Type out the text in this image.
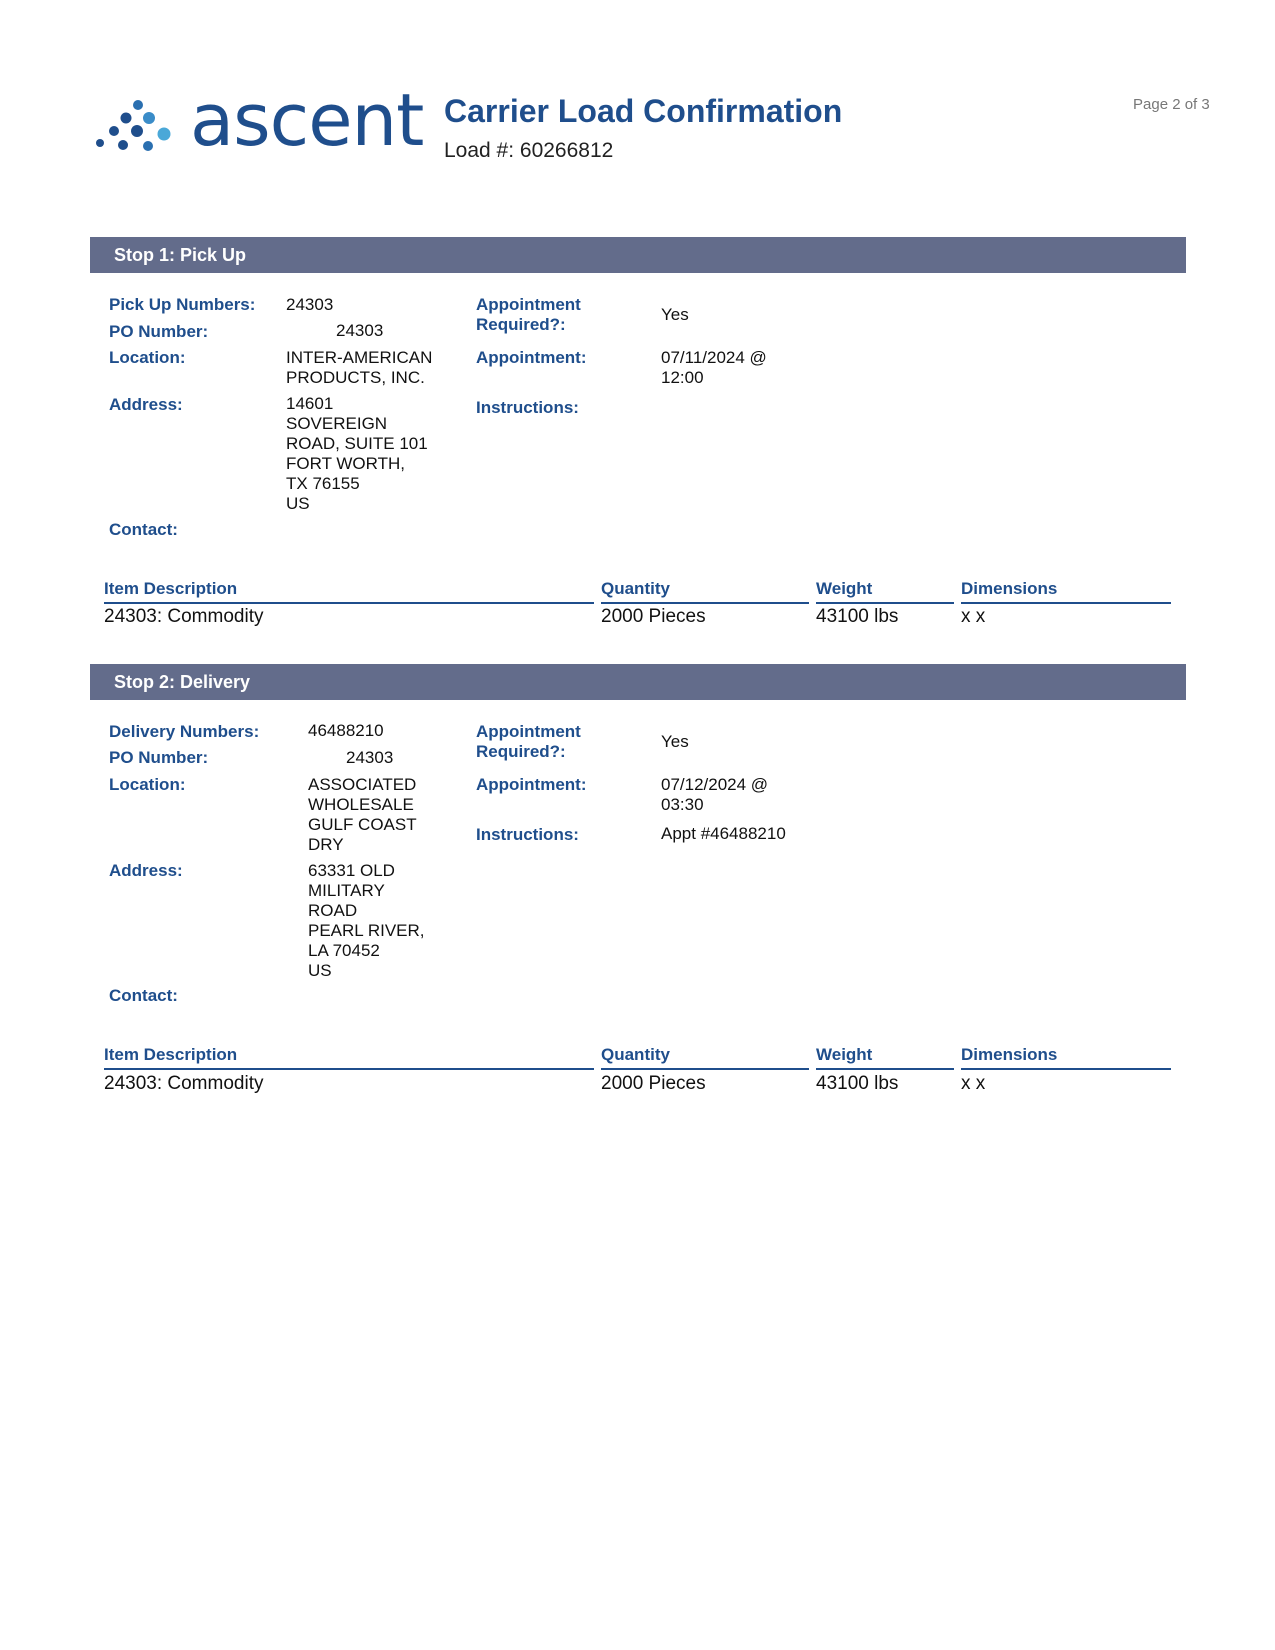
ascent Carrier Load Confirmation
Load #: 60266812
Page 2 of 3
Stop 1: Pick Up
Pick Up Numbers: 24303
PO Number:	24303
Location:	INTER-AMERICAN
PRODUCTS, INC.
Address:	14601
SOVEREIGN
ROAD, SUITE 101
FORT WORTH,
TX 76155
US
Contact:
Appointment
Required?:
Yes
Appointment:	07/11/2024 @
12:00
Instructions:
Item Description	Quantity	Weight	Dimensions
24303: Commodity	2000 Pieces	43100 lbs	x x
Stop 2: Delivery
Delivery Numbers:	46488210
PO Number:	24303
Location:	ASSOCIATED
WHOLESALE
GULF COAST
DRY
Address:	63331 OLD
MILITARY
ROAD
PEARL RIVER,
LA 70452
US
Contact:
Appointment
Required?:
Yes
Appointment:	07/12/2024 @
03:30
Instructions:	Appt #46488210
Item Description	Quantity	Weight	Dimensions
24303: Commodity	2000 Pieces	43100 lbs	x x
